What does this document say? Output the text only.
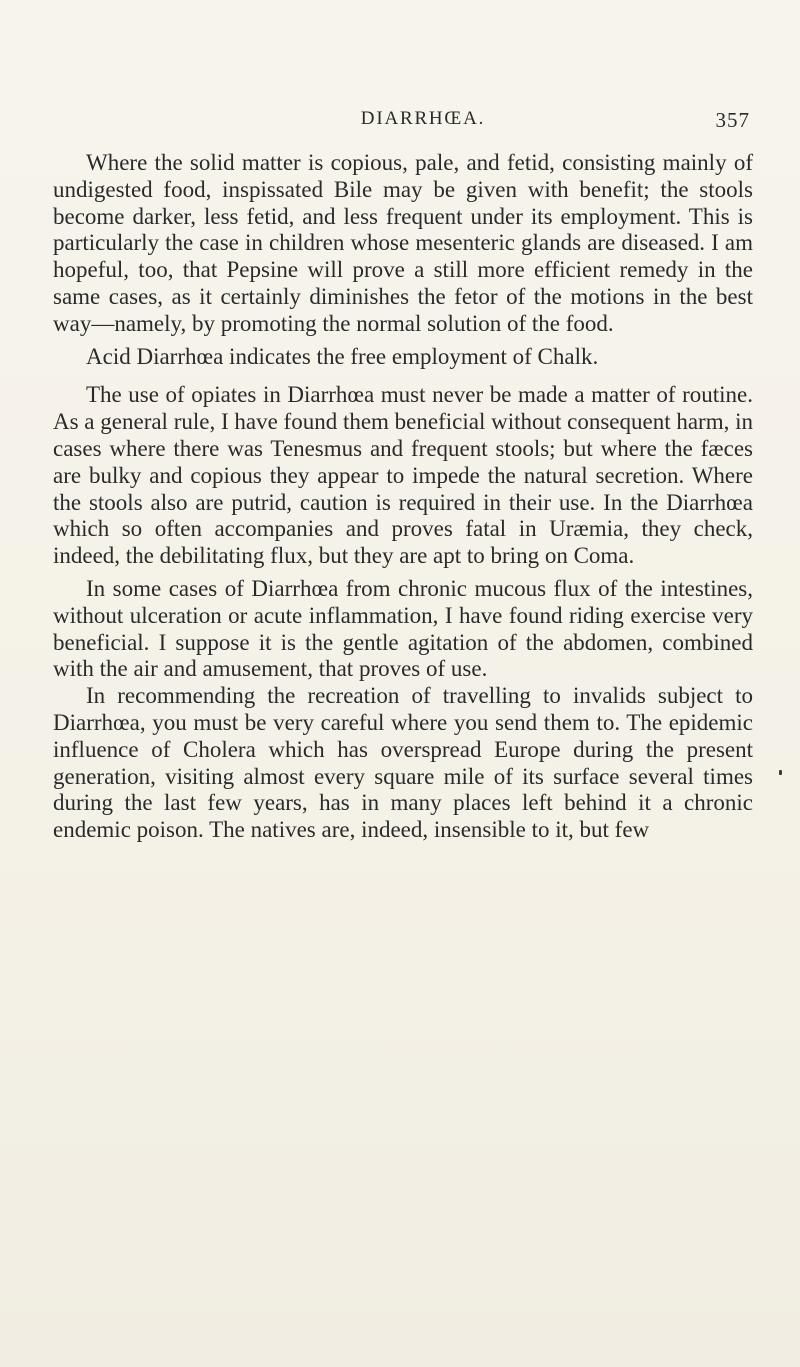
DIARRHŒA.	357

Where the solid matter is copious, pale, and fetid, consisting mainly of undigested food, inspissated Bile may be given with benefit; the stools become darker, less fetid, and less frequent under its employment. This is particularly the case in children whose mesenteric glands are diseased. I am hopeful, too, that Pepsine will prove a still more efficient remedy in the same cases, as it certainly diminishes the fetor of the motions in the best way—namely, by promoting the normal solution of the food.

Acid Diarrhœa indicates the free employment of Chalk.

The use of opiates in Diarrhœa must never be made a matter of routine. As a general rule, I have found them beneficial without consequent harm, in cases where there was Tenesmus and frequent stools; but where the fæces are bulky and copious they appear to impede the natural secretion. Where the stools also are putrid, caution is required in their use. In the Diarrhœa which so often accompanies and proves fatal in Uræmia, they check, indeed, the debilitating flux, but they are apt to bring on Coma.

In some cases of Diarrhœa from chronic mucous flux of the intestines, without ulceration or acute inflammation, I have found riding exercise very beneficial. I suppose it is the gentle agitation of the abdomen, combined with the air and amusement, that proves of use.

In recommending the recreation of travelling to invalids subject to Diarrhœa, you must be very careful where you send them to. The epidemic influence of Cholera which has overspread Europe during the present generation, visiting almost every square mile of its surface several times during the last few years, has in many places left behind it a chronic endemic poison. The natives are, indeed, insensible to it, but few
